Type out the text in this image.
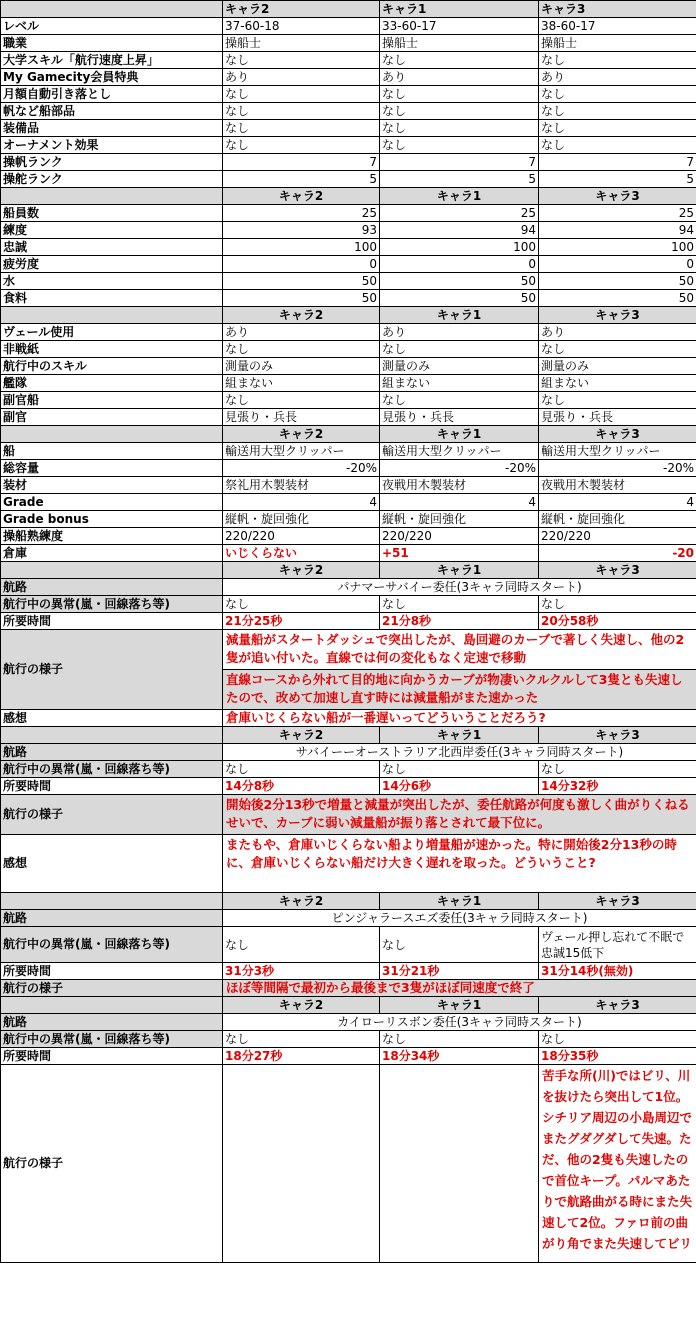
	キャラ2	キャラ1	キャラ3
レベル	37-60-18	33-60-17	38-60-17
職業	操船士	操船士	操船士
大学スキル「航行速度上昇」	なし	なし	なし
My Gamecity会員特典	あり	あり	あり
月額自動引き落とし	なし	なし	なし
帆など船部品	なし	なし	なし
装備品	なし	なし	なし
オーナメント効果	なし	なし	なし
操帆ランク	7	7	7
操舵ランク	5	5	5
	キャラ2	キャラ1	キャラ3
船員数	25	25	25
練度	93	94	94
忠誠	100	100	100
疲労度	0	0	0
水	50	50	50
食料	50	50	50
	キャラ2	キャラ1	キャラ3
ヴェール使用	あり	あり	あり
非戦紙	なし	なし	なし
航行中のスキル	測量のみ	測量のみ	測量のみ
艦隊	組まない	組まない	組まない
副官船	なし	なし	なし
副官	見張り・兵長	見張り・兵長	見張り・兵長
	キャラ2	キャラ1	キャラ3
船	輸送用大型クリッパー	輸送用大型クリッパー	輸送用大型クリッパー
総容量	-20%	-20%	-20%
装材	祭礼用木製装材	夜戦用木製装材	夜戦用木製装材
Grade	4	4	4
Grade bonus	縦帆・旋回強化	縦帆・旋回強化	縦帆・旋回強化
操船熟練度	220/220	220/220	220/220
倉庫	いじくらない	+51	-20
	キャラ2	キャラ1	キャラ3
航路	パナマーサバイー委任(3キャラ同時スタート)		
航行中の異常(嵐・回線落ち等)	なし	なし	なし
所要時間	21分25秒	21分8秒	20分58秒
航行の様子	減量船がスタートダッシュで突出したが、島回避のカーブで著しく失速し、他の2隻が追い付いた。直線では何の変化もなく定速で移動		
	直線コースから外れて目的地に向かうカーブが物凄いクルクルして3隻とも失速したので、改めて加速し直す時には減量船がまた速かった		
感想	倉庫いじくらない船が一番遅いってどういうことだろう?		
	キャラ2	キャラ1	キャラ3
航路	サバイーーオーストラリア北西岸委任(3キャラ同時スタート)		
航行中の異常(嵐・回線落ち等)	なし	なし	なし
所要時間	14分8秒	14分6秒	14分32秒
航行の様子	開始後2分13秒で増量と減量が突出したが、委任航路が何度も激しく曲がりくねるせいで、カーブに弱い減量船が振り落とされて最下位に。		
感想	またもや、倉庫いじくらない船より増量船が速かった。特に開始後2分13秒の時に、倉庫いじくらない船だけ大きく遅れを取った。どういうこと?		
	キャラ2	キャラ1	キャラ3
航路	ピンジャラースエズ委任(3キャラ同時スタート)		
航行中の異常(嵐・回線落ち等)	なし	なし	ヴェール押し忘れて不眠で忠誠15低下
所要時間	31分3秒	31分21秒	31分14秒(無効)
航行の様子	ほぼ等間隔で最初から最後まで3隻がほぼ同速度で終了		
	キャラ2	キャラ1	キャラ3
航路	カイローリスボン委任(3キャラ同時スタート)		
航行中の異常(嵐・回線落ち等)	なし	なし	なし
所要時間	18分27秒	18分34秒	18分35秒
航行の様子			苦手な所(川)ではビリ、川を抜けたら突出して1位。シチリア周辺の小島周辺でまたグダグダして失速。ただ、他の2隻も失速したので首位キープ。パルマあたりで航路曲がる時にまた失速して2位。ファロ前の曲がり角でまた失速してビリ
